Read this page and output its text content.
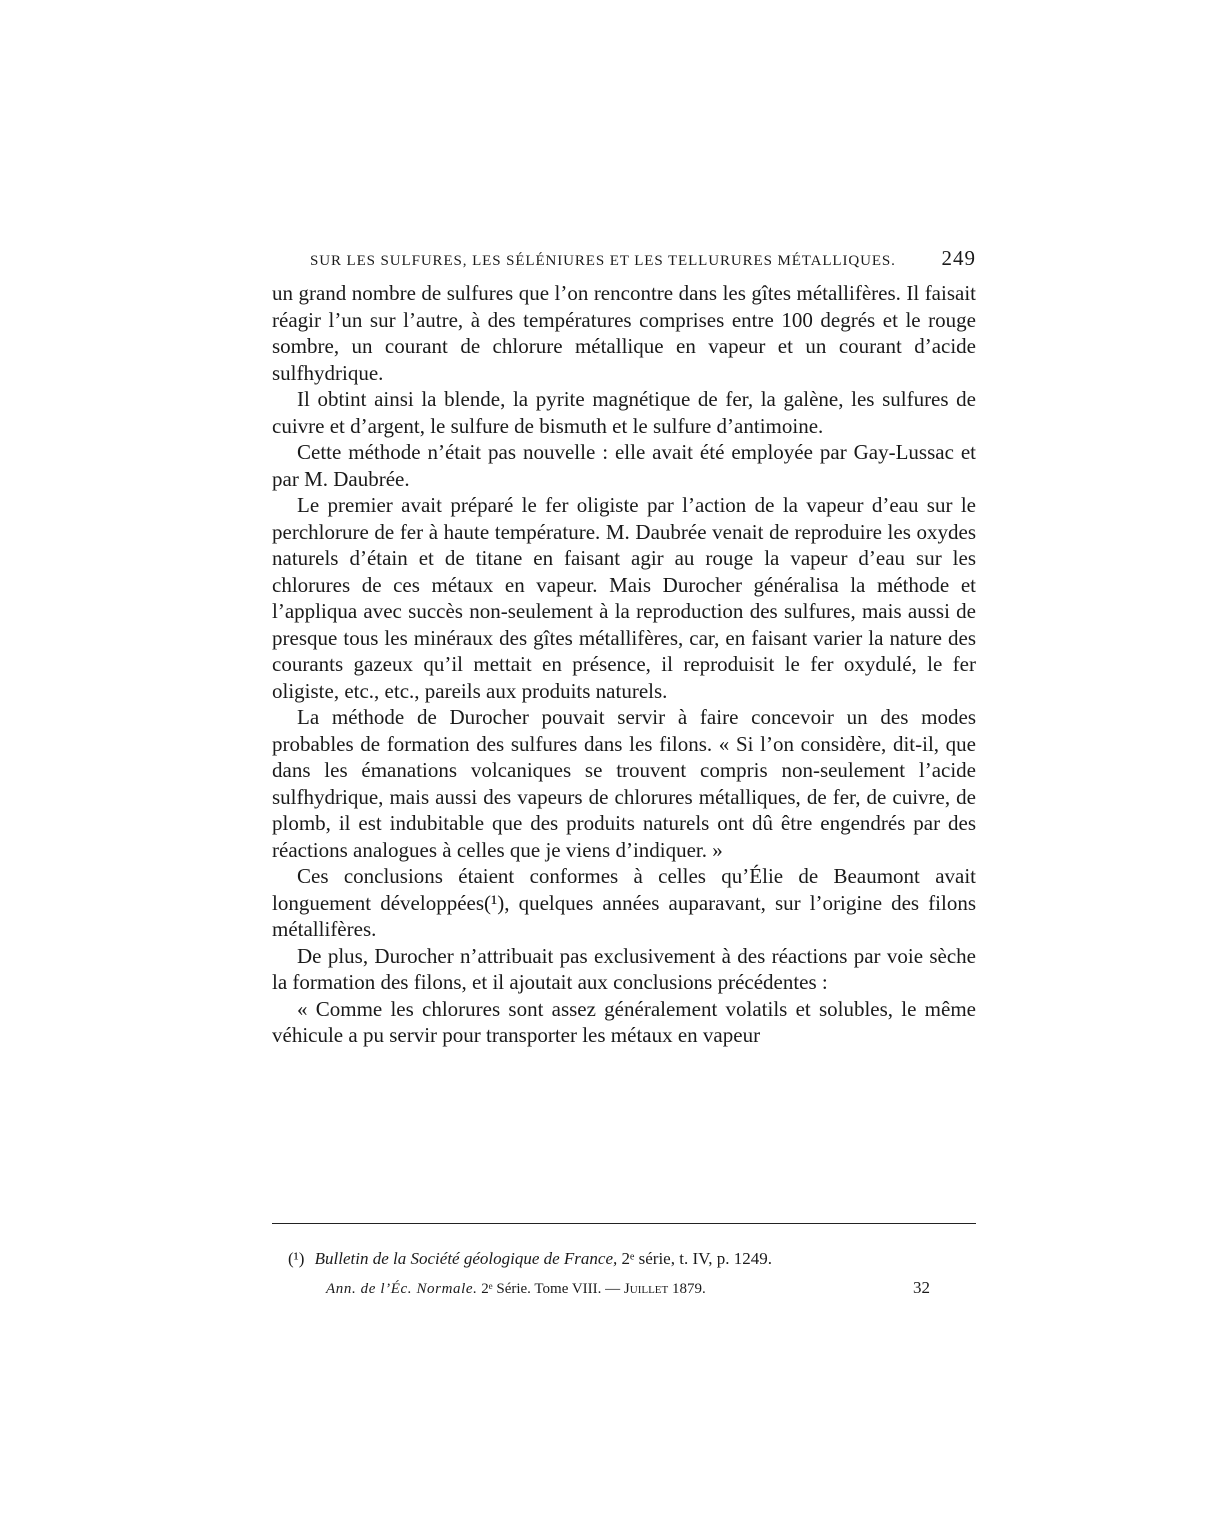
SUR LES SULFURES, LES SÉLÉNIURES ET LES TELLURURES MÉTALLIQUES. 249

un grand nombre de sulfures que l’on rencontre dans les gîtes métallifères. Il faisait réagir l’un sur l’autre, à des températures comprises entre 100 degrés et le rouge sombre, un courant de chlorure métallique en vapeur et un courant d’acide sulfhydrique.

Il obtint ainsi la blende, la pyrite magnétique de fer, la galène, les sulfures de cuivre et d’argent, le sulfure de bismuth et le sulfure d’antimoine.

Cette méthode n’était pas nouvelle : elle avait été employée par Gay-Lussac et par M. Daubrée.

Le premier avait préparé le fer oligiste par l’action de la vapeur d’eau sur le perchlorure de fer à haute température. M. Daubrée venait de reproduire les oxydes naturels d’étain et de titane en faisant agir au rouge la vapeur d’eau sur les chlorures de ces métaux en vapeur. Mais Durocher généralisa la méthode et l’appliqua avec succès non-seulement à la reproduction des sulfures, mais aussi de presque tous les minéraux des gîtes métallifères, car, en faisant varier la nature des courants gazeux qu’il mettait en présence, il reproduisit le fer oxydulé, le fer oligiste, etc., etc., pareils aux produits naturels.

La méthode de Durocher pouvait servir à faire concevoir un des modes probables de formation des sulfures dans les filons. « Si l’on considère, dit-il, que dans les émanations volcaniques se trouvent compris non-seulement l’acide sulfhydrique, mais aussi des vapeurs de chlorures métalliques, de fer, de cuivre, de plomb, il est indubitable que des produits naturels ont dû être engendrés par des réactions analogues à celles que je viens d’indiquer. »

Ces conclusions étaient conformes à celles qu’Élie de Beaumont avait longuement développées(¹), quelques années auparavant, sur l’origine des filons métallifères.

De plus, Durocher n’attribuait pas exclusivement à des réactions par voie sèche la formation des filons, et il ajoutait aux conclusions précédentes :

« Comme les chlorures sont assez généralement volatils et solubles, le même véhicule a pu servir pour transporter les métaux en vapeur

(¹) Bulletin de la Société géologique de France, 2ᵉ série, t. IV, p. 1249.
Ann. de l’Éc. Normale. 2ᵉ Série. Tome VIII. — Juillet 1879.	32
